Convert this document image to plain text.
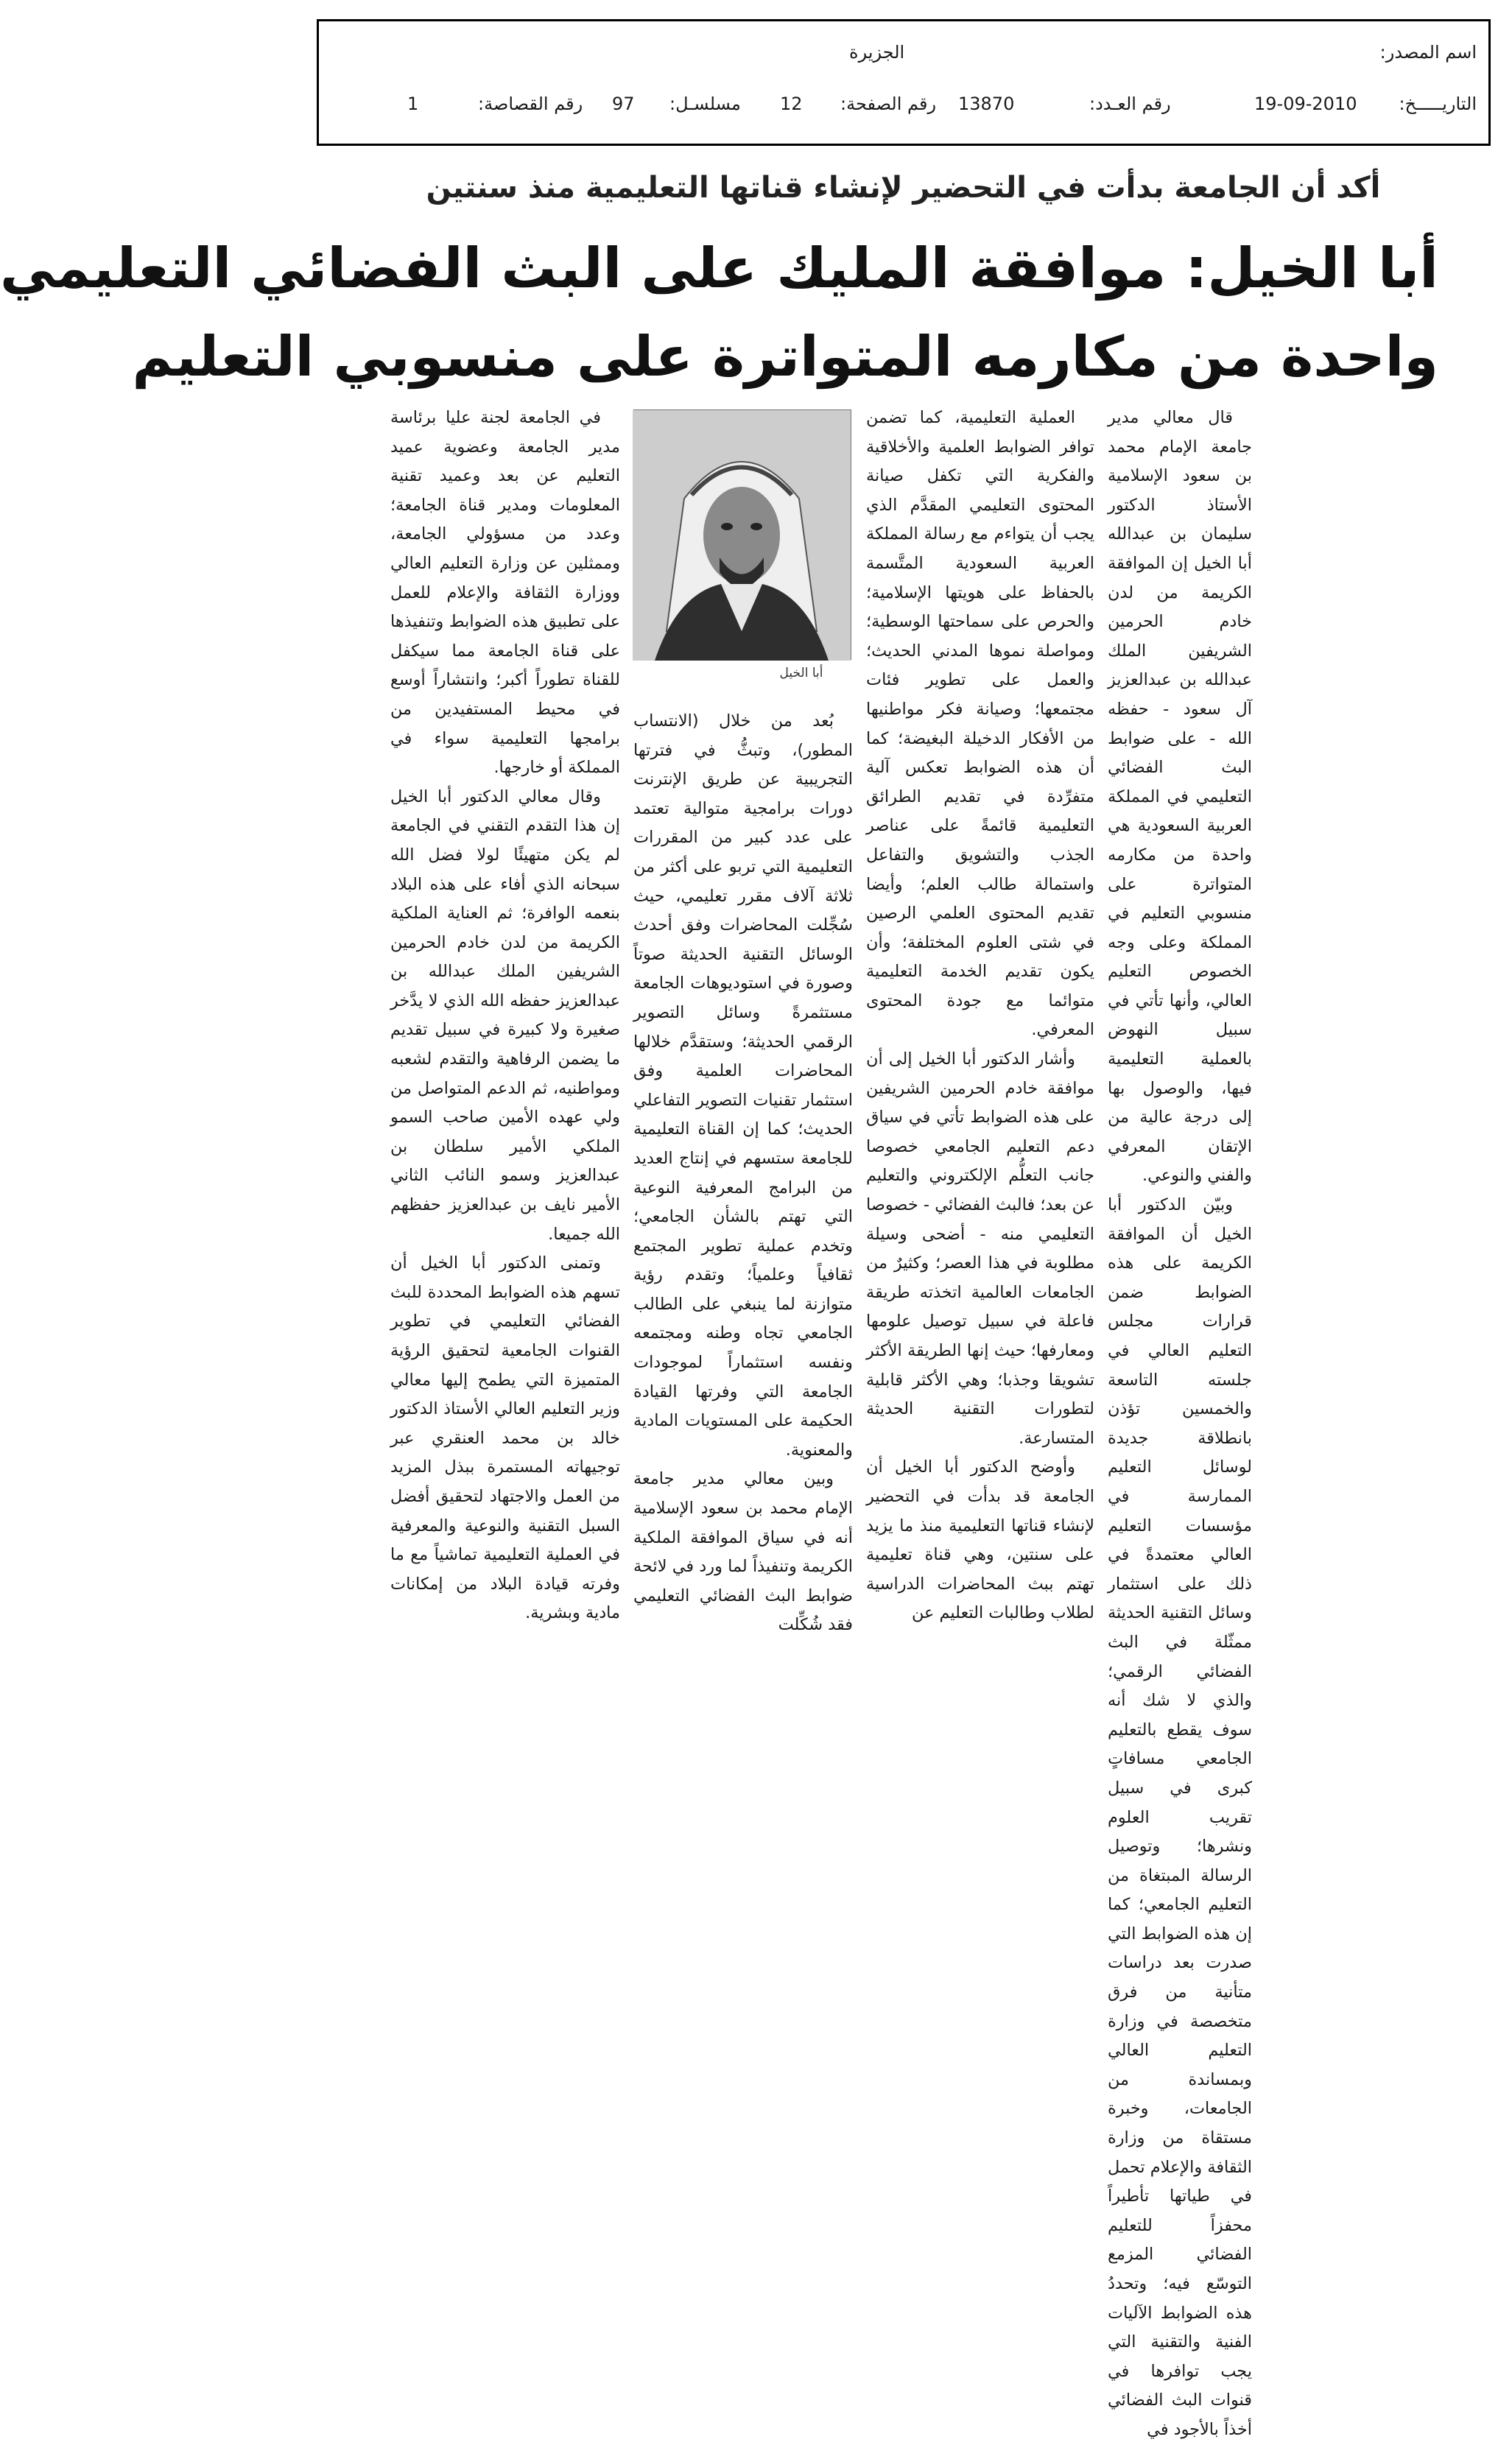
اسم المصدر:
الجزيرة
التاريـــــخ:
19-09-2010
رقم العـدد:
13870
رقم الصفحة:
12
مسلسـل:
97
رقم القصاصة:
1
أكد أن الجامعة بدأت في التحضير لإنشاء قناتها التعليمية منذ سنتين
أبا الخيل: موافقة المليك على البث الفضائي التعليمي
واحدة من مكارمه المتواترة على منسوبي التعليم

قال معالي مدير جامعة الإمام محمد بن سعود الإسلامية الأستاذ الدكتور سليمان بن عبدالله أبا الخيل إن الموافقة الكريمة من لدن خادم الحرمين الشريفين الملك عبدالله بن عبدالعزيز آل سعود - حفظه الله - على ضوابط البث الفضائي التعليمي في المملكة العربية السعودية هي واحدة من مكارمه المتواترة على منسوبي التعليم في المملكة وعلى وجه الخصوص التعليم العالي، وأنها تأتي في سبيل النهوض بالعملية التعليمية فيها، والوصول بها إلى درجة عالية من الإتقان المعرفي والفني والنوعي.

وبيّن الدكتور أبا الخيل أن الموافقة الكريمة على هذه الضوابط ضمن قرارات مجلس التعليم العالي في جلسته التاسعة والخمسين تؤذن بانطلاقة جديدة لوسائل التعليم الممارسة في مؤسسات التعليم العالي معتمدةً في ذلك على استثمار وسائل التقنية الحديثة ممثّلة في البث الفضائي الرقمي؛ والذي لا شك أنه سوف يقطع بالتعليم الجامعي مسافاتٍ كبرى في سبيل تقريب العلوم ونشرها؛ وتوصيل الرسالة المبتغاة من التعليم الجامعي؛ كما إن هذه الضوابط التي صدرت بعد دراسات متأنية من فرق متخصصة في وزارة التعليم العالي وبمساندة من الجامعات، وخبرة مستقاة من وزارة الثقافة والإعلام تحمل في طياتها تأطيراً محفزاً للتعليم الفضائي المزمع التوسّع فيه؛ وتحددُ هذه الضوابط الآليات الفنية والتقنية التي يجب توافرها في قنوات البث الفضائي أخذاً بالأجود في

العملية التعليمية، كما تضمن توافر الضوابط العلمية والأخلاقية والفكرية التي تكفل صيانة المحتوى التعليمي المقدَّم الذي يجب أن يتواءم مع رسالة المملكة العربية السعودية المتَّسمة بالحفاظ على هويتها الإسلامية؛ والحرص على سماحتها الوسطية؛ ومواصلة نموها المدني الحديث؛ والعمل على تطوير فئات مجتمعها؛ وصيانة فكر مواطنيها من الأفكار الدخيلة البغيضة؛ كما أن هذه الضوابط تعكس آلية متفرِّدة في تقديم الطرائق التعليمية قائمةً على عناصر الجذب والتشويق والتفاعل واستمالة طالب العلم؛ وأيضا تقديم المحتوى العلمي الرصين في شتى العلوم المختلفة؛ وأن يكون تقديم الخدمة التعليمية متوائما مع جودة المحتوى المعرفي.

وأشار الدكتور أبا الخيل إلى أن موافقة خادم الحرمين الشريفين على هذه الضوابط تأتي في سياق دعم التعليم الجامعي خصوصا جانب التعلُّم الإلكتروني والتعليم عن بعد؛ فالبث الفضائي - خصوصا التعليمي منه - أضحى وسيلة مطلوبة في هذا العصر؛ وكثيرٌ من الجامعات العالمية اتخذته طريقة فاعلة في سبيل توصيل علومها ومعارفها؛ حيث إنها الطريقة الأكثر تشويقا وجذبا؛ وهي الأكثر قابلية لتطورات التقنية الحديثة المتسارعة.

وأوضح الدكتور أبا الخيل أن الجامعة قد بدأت في التحضير لإنشاء قناتها التعليمية منذ ما يزيد على سنتين، وهي قناة تعليمية تهتم ببث المحاضرات الدراسية لطلاب وطالبات التعليم عن

أبا الخيل

بُعد من خلال (الانتساب المطور)، وتبثُّ في فترتها التجريبية عن طريق الإنترنت دورات برامجية متوالية تعتمد على عدد كبير من المقررات التعليمية التي تربو على أكثر من ثلاثة آلاف مقرر تعليمي، حيث سُجِّلت المحاضرات وفق أحدث الوسائل التقنية الحديثة صوتاً وصورة في استوديوهات الجامعة مستثمرةً وسائل التصوير الرقمي الحديثة؛ وستقدَّم خلالها المحاضرات العلمية وفق استثمار تقنيات التصوير التفاعلي الحديث؛ كما إن القناة التعليمية للجامعة ستسهم في إنتاج العديد من البرامج المعرفية النوعية التي تهتم بالشأن الجامعي؛ وتخدم عملية تطوير المجتمع ثقافياً وعلمياً؛ وتقدم رؤية متوازنة لما ينبغي على الطالب الجامعي تجاه وطنه ومجتمعه ونفسه استثماراً لموجودات الجامعة التي وفرتها القيادة الحكيمة على المستويات المادية والمعنوية.

وبين معالي مدير جامعة الإمام محمد بن سعود الإسلامية أنه في سياق الموافقة الملكية الكريمة وتنفيذاً لما ورد في لائحة ضوابط البث الفضائي التعليمي فقد شُكِّلت

في الجامعة لجنة عليا برئاسة مدير الجامعة وعضوية عميد التعليم عن بعد وعميد تقنية المعلومات ومدير قناة الجامعة؛ وعدد من مسؤولي الجامعة، وممثلين عن وزارة التعليم العالي ووزارة الثقافة والإعلام للعمل على تطبيق هذه الضوابط وتنفيذها على قناة الجامعة مما سيكفل للقناة تطوراً أكبر؛ وانتشاراً أوسع في محيط المستفيدين من برامجها التعليمية سواء في المملكة أو خارجها.

وقال معالي الدكتور أبا الخيل إن هذا التقدم التقني في الجامعة لم يكن متهيئًا لولا فضل الله سبحانه الذي أفاء على هذه البلاد بنعمه الوافرة؛ ثم العناية الملكية الكريمة من لدن خادم الحرمين الشريفين الملك عبدالله بن عبدالعزيز حفظه الله الذي لا يدَّخر صغيرة ولا كبيرة في سبيل تقديم ما يضمن الرفاهية والتقدم لشعبه ومواطنيه، ثم الدعم المتواصل من ولي عهده الأمين صاحب السمو الملكي الأمير سلطان بن عبدالعزيز وسمو النائب الثاني الأمير نايف بن عبدالعزيز حفظهم الله جميعا.

وتمنى الدكتور أبا الخيل أن تسهم هذه الضوابط المحددة للبث الفضائي التعليمي في تطوير القنوات الجامعية لتحقيق الرؤية المتميزة التي يطمح إليها معالي وزير التعليم العالي الأستاذ الدكتور خالد بن محمد العنقري عبر توجيهاته المستمرة ببذل المزيد من العمل والاجتهاد لتحقيق أفضل السبل التقنية والنوعية والمعرفية في العملية التعليمية تماشياً مع ما وفرته قيادة البلاد من إمكانات مادية وبشرية.
